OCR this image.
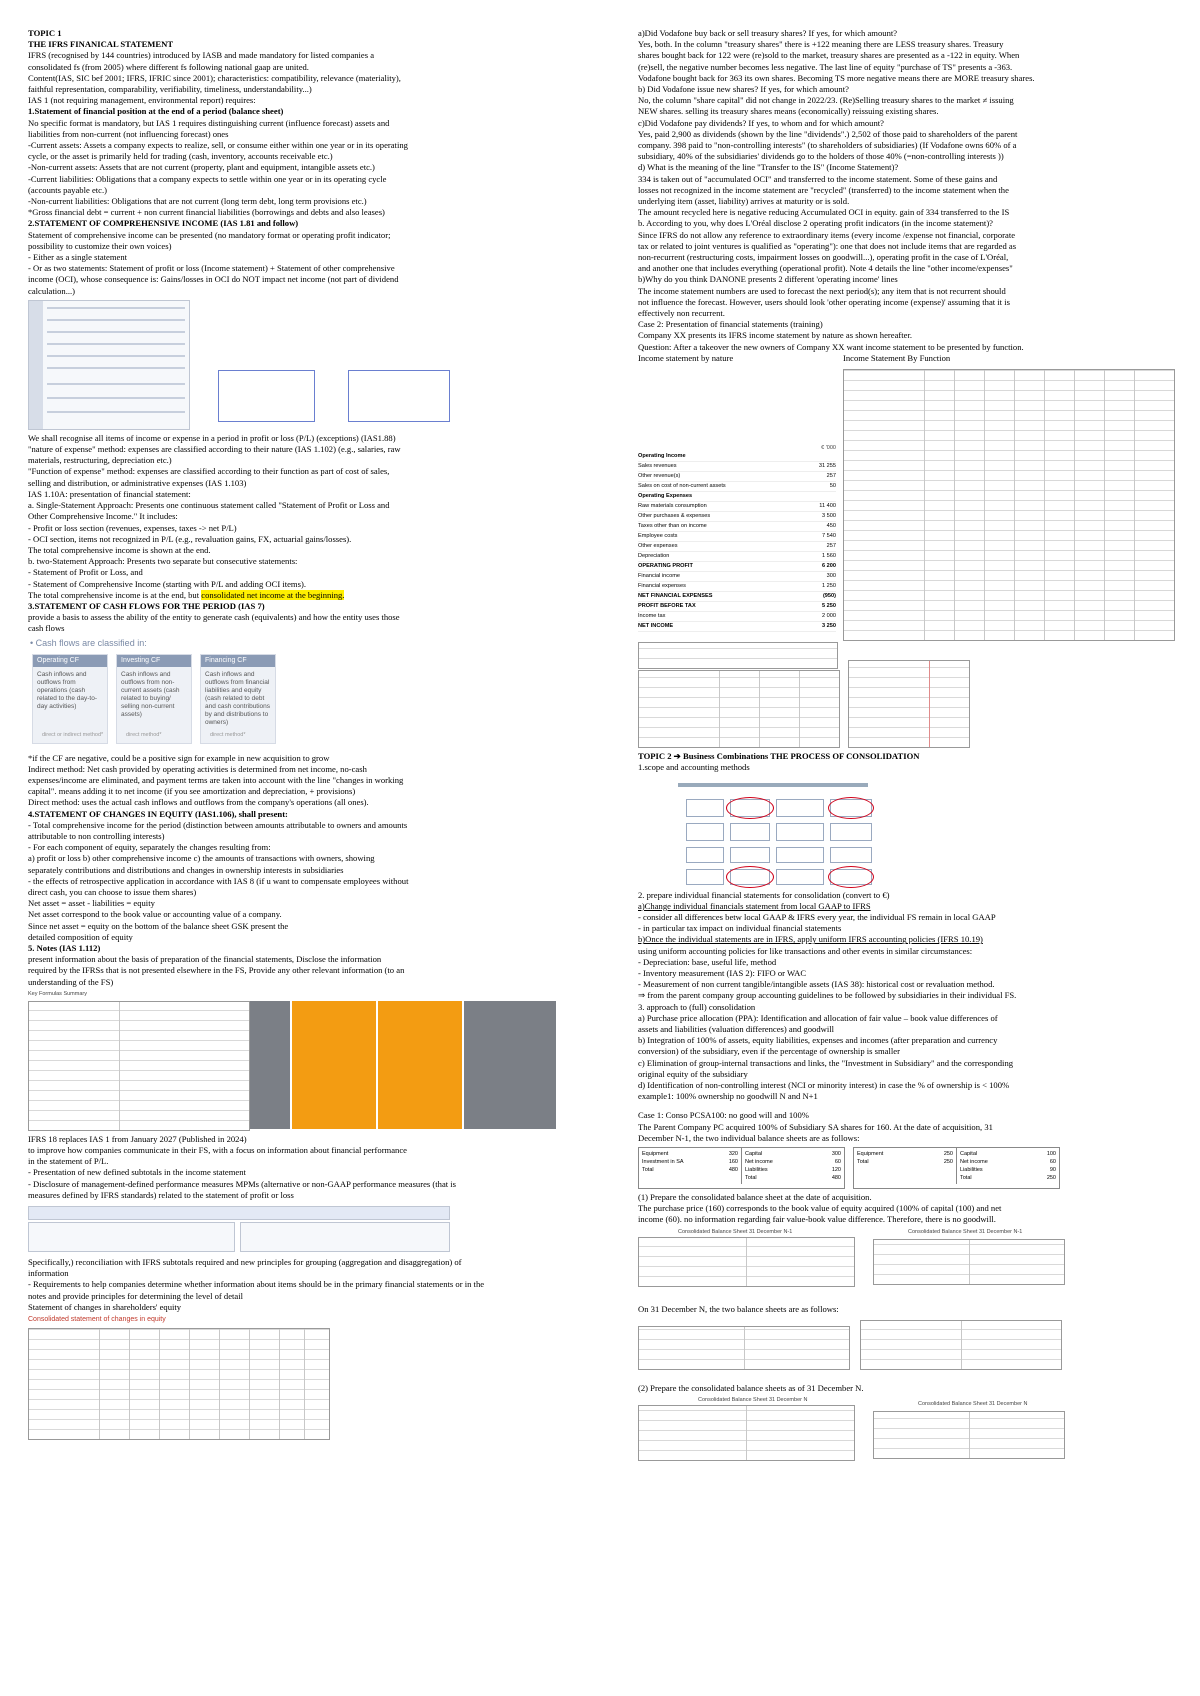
TOPIC 1
THE IFRS FINANICAL STATEMENT
IFRS (recognised by 144 countries) introduced by IASB and made mandatory for listed companies a
consolidated fs (from 2005) where different fs following national gaap are united.
Content(IAS, SIC bef 2001; IFRS, IFRIC since 2001); characteristics: compatibility, relevance (materiality),
faithful representation, comparability, verifiability, timeliness, understandability...)
IAS 1 (not requiring management, environmental report) requires:
1.Statement of financial position at the end of a period (balance sheet)
No specific format is mandatory, but IAS 1 requires distinguishing current (influence forecast) assets and
liabilities from non-current (not influencing forecast) ones
-Current assets: Assets a company expects to realize, sell, or consume either within one year or in its operating
cycle, or the asset is primarily held for trading (cash, inventory, accounts receivable etc.)
-Non-current assets: Assets that are not current (property, plant and equipment, intangible assets etc.)
-Current liabilities: Obligations that a company expects to settle within one year or in its operating cycle
(accounts payable etc.)
-Non-current liabilities: Obligations that are not current (long term debt, long term provisions etc.)
*Gross financial debt = current + non current financial liabilities (borrowings and debts and also leases)
2.STATEMENT OF COMPREHENSIVE INCOME (IAS 1.81 and follow)
Statement of comprehensive income can be presented (no mandatory format or operating profit indicator;
possibility to customize their own voices)
- Either as a single statement
- Or as two statements: Statement of profit or loss (Income statement) + Statement of other comprehensive
income (OCI), whose consequence is: Gains/losses in OCI do NOT impact net income (not part of dividend
calculation...)
We shall recognise all items of income or expense in a period in profit or loss (P/L) (exceptions) (IAS1.88)
"nature of expense" method: expenses are classified according to their nature (IAS 1.102) (e.g., salaries, raw
materials, restructuring, depreciation etc.)
"Function of expense" method: expenses are classified according to their function as part of cost of sales,
selling and distribution, or administrative expenses (IAS 1.103)
IAS 1.10A: presentation of financial statement:
a. Single-Statement Approach: Presents one continuous statement called "Statement of Profit or Loss and
Other Comprehensive Income." It includes:
- Profit or loss section (revenues, expenses, taxes -> net P/L)
- OCI section, items not recognized in P/L (e.g., revaluation gains, FX, actuarial gains/losses).
The total comprehensive income is shown at the end.
b. two-Statement Approach: Presents two separate but consecutive statements:
- Statement of Profit or Loss, and
- Statement of Comprehensive Income (starting with P/L and adding OCI items).
The total comprehensive income is at the end, but consolidated net income at the beginning.
3.STATEMENT OF CASH FLOWS FOR THE PERIOD (IAS 7)
provide a basis to assess the ability of the entity to generate cash (equivalents) and how the entity uses those
cash flows
• Cash flows are classified in:
Operating CF
Cash inflows and outflows from operations (cash related to the day-to-day activities)
direct or indirect method*
Investing CF
Cash inflows and outflows from non-current assets (cash related to buying/ selling non-current assets)
direct method*
Financing CF
Cash inflows and outflows from financial liabilities and equity (cash related to debt and cash contributions by and distributions to owners)
direct method*
*if the CF are negative, could be a positive sign for example in new acquisition to grow
Indirect method: Net cash provided by operating activities is determined from net income, no-cash
expenses/income are eliminated, and payment terms are taken into account with the line "changes in working
capital". means adding it to net income (if you see amortization and depreciation, + provisions)
Direct method: uses the actual cash inflows and outflows from the company's operations (all ones).
4.STATEMENT OF CHANGES IN EQUITY (IAS1.106), shall present:
- Total comprehensive income for the period (distinction between amounts attributable to owners and amounts
attributable to non controlling interests)
- For each component of equity, separately the changes resulting from:
a) profit or loss b) other comprehensive income c) the amounts of transactions with owners, showing
separately contributions and distributions and changes in ownership interests in subsidiaries
- the effects of retrospective application in accordance with IAS 8 (if u want to compensate employees without
direct cash, you can choose to issue them shares)
Net asset = asset - liabilities = equity
Net asset correspond to the book value or accounting value of a company.
Since net asset = equity on the bottom of the balance sheet GSK present the
detailed composition of equity
5. Notes (IAS 1.112)
present information about the basis of preparation of the financial statements, Disclose the information
required by the IFRSs that is not presented elsewhere in the FS, Provide any other relevant information (to an
understanding of the FS)
Key Formulas Summary
IFRS 18 replaces IAS 1 from January 2027 (Published in 2024)
to improve how companies communicate in their FS, with a focus on information about financial performance
in the statement of P/L.
- Presentation of new defined subtotals in the income statement
- Disclosure of management-defined performance measures MPMs (alternative or non-GAAP performance measures (that is
measures defined by IFRS standards) related to the statement of profit or loss
Specifically,) reconciliation with IFRS subtotals required and new principles for grouping (aggregation and disaggregation) of
information
- Requirements to help companies determine whether information about items should be in the primary financial statements or in the
notes and provide principles for determining the level of detail
Statement of changes in shareholders' equity
Consolidated statement of changes in equity
a)Did Vodafone buy back or sell treasury shares? If yes, for which amount?
Yes, both. In the column "treasury shares" there is +122 meaning there are LESS treasury shares. Treasury
shares bought back for 122 were (re)sold to the market, treasury shares are presented as a -122 in equity. When
(re)sell, the negative number becomes less negative. The last line of equity "purchase of TS" presents a -363.
Vodafone bought back for 363 its own shares. Becoming TS more negative means there are MORE treasury shares.
b) Did Vodafone issue new shares? If yes, for which amount?
No, the column "share capital" did not change in 2022/23. (Re)Selling treasury shares to the market ≠ issuing
NEW shares. selling its treasury shares means (economically) reissuing existing shares.
c)Did Vodafone pay dividends? If yes, to whom and for which amount?
Yes, paid 2,900 as dividends (shown by the line "dividends".) 2,502 of those paid to shareholders of the parent
company. 398 paid to "non-controlling interests" (to shareholders of subsidiaries) (If Vodafone owns 60% of a
subsidiary, 40% of the subsidiaries' dividends go to the holders of those 40% (=non-controlling interests ))
d) What is the meaning of the line "Transfer to the IS" (Income Statement)?
334 is taken out of "accumulated OCI" and transferred to the income statement. Some of these gains and
losses not recognized in the income statement are "recycled" (transferred) to the income statement when the
underlying item (asset, liability) arrives at maturity or is sold.
The amount recycled here is negative reducing Accumulated OCI in equity. gain of 334 transferred to the IS
b. According to you, why does L'Oréal disclose 2 operating profit indicators (in the income statement)?
Since IFRS do not allow any reference to extraordinary items (every income /expense not financial, corporate
tax or related to joint ventures is qualified as "operating"): one that does not include items that are regarded as
non-recurrent (restructuring costs, impairment losses on goodwill...), operating profit in the case of L'Oréal,
and another one that includes everything (operational profit). Note 4 details the line "other income/expenses"
b)Why do you think DANONE presents 2 different 'operating income' lines
The income statement numbers are used to forecast the next period(s); any item that is not recurrent should
not influence the forecast. However, users should look 'other operating income (expense)' assuming that it is
effectively non recurrent.
Case 2: Presentation of financial statements (training)
Company XX presents its IFRS income statement by nature as shown hereafter.
Question: After a takeover the new owners of Company XX want income statement to be presented by function.
Income statement by nature	Income Statement By Function
€ '000
Operating Income
Sales revenues	31 255
Other revenue(s)	257
Sales on cost of non-current assets	50
Operating Expenses
Raw materials consumption	11 400
Other purchases & expenses	3 500
Taxes other than on income	450
Employee costs	7 540
Other expenses	257
Depreciation	1 560
OPERATING PROFIT	6 200
Financial income	300
Financial expenses	1 250
NET FINANCIAL EXPENSES	(950)
PROFIT BEFORE TAX	5 250
Income tax	2 000
NET INCOME	3 250
TOPIC 2 ➔ Business Combinations THE PROCESS OF CONSOLIDATION
1.scope and accounting methods
2. prepare individual financial statements for consolidation (convert to €)
a)Change individual financials statement from local GAAP to IFRS
- consider all differences betw local GAAP & IFRS every year, the individual FS remain in local GAAP
- in particular tax impact on individual financial statements
b)Once the individual statements are in IFRS, apply uniform IFRS accounting policies (IFRS 10.19)
using uniform accounting policies for like transactions and other events in similar circumstances:
- Depreciation: base, useful life, method
- Inventory measurement (IAS 2): FIFO or WAC
- Measurement of non current tangible/intangible assets (IAS 38): historical cost or revaluation method.
⇒ from the parent company group accounting guidelines to be followed by subsidiaries in their individual FS.
3. approach to (full) consolidation
a) Purchase price allocation (PPA): Identification and allocation of fair value – book value differences of
assets and liabilities (valuation differences) and goodwill
b) Integration of 100% of assets, equity liabilities, expenses and incomes (after preparation and currency
conversion) of the subsidiary, even if the percentage of ownership is smaller
c) Elimination of group-internal transactions and links, the "Investment in Subsidiary" and the corresponding
original equity of the subsidiary
d) Identification of non-controlling interest (NCI or minority interest) in case the % of ownership is < 100%
example1: 100% ownership no goodwill N and N+1
Case 1: Conso PCSA100: no good will and 100%
The Parent Company PC acquired 100% of Subsidiary SA shares for 160. At the date of acquisition, 31
December N-1, the two individual balance sheets are as follows:
Equipment	320
Investment in SA	160
Total	480
Capital	300
Net income	60
Liabilities	120
Total	480
Equipment	250
Total	250
Capital	100
Net income	60
Liabilities	90
Total	250
(1) Prepare the consolidated balance sheet at the date of acquisition.
The purchase price (160) corresponds to the book value of equity acquired (100% of capital (100) and net
income (60). no information regarding fair value-book value difference. Therefore, there is no goodwill.
Consolidated Balance Sheet 31 December N-1	Consolidated Balance Sheet 31 December N-1
On 31 December N, the two balance sheets are as follows:
(2) Prepare the consolidated balance sheets as of 31 December N.
Consolidated Balance Sheet 31 December N
Consolidated Balance Sheet 31 December N
